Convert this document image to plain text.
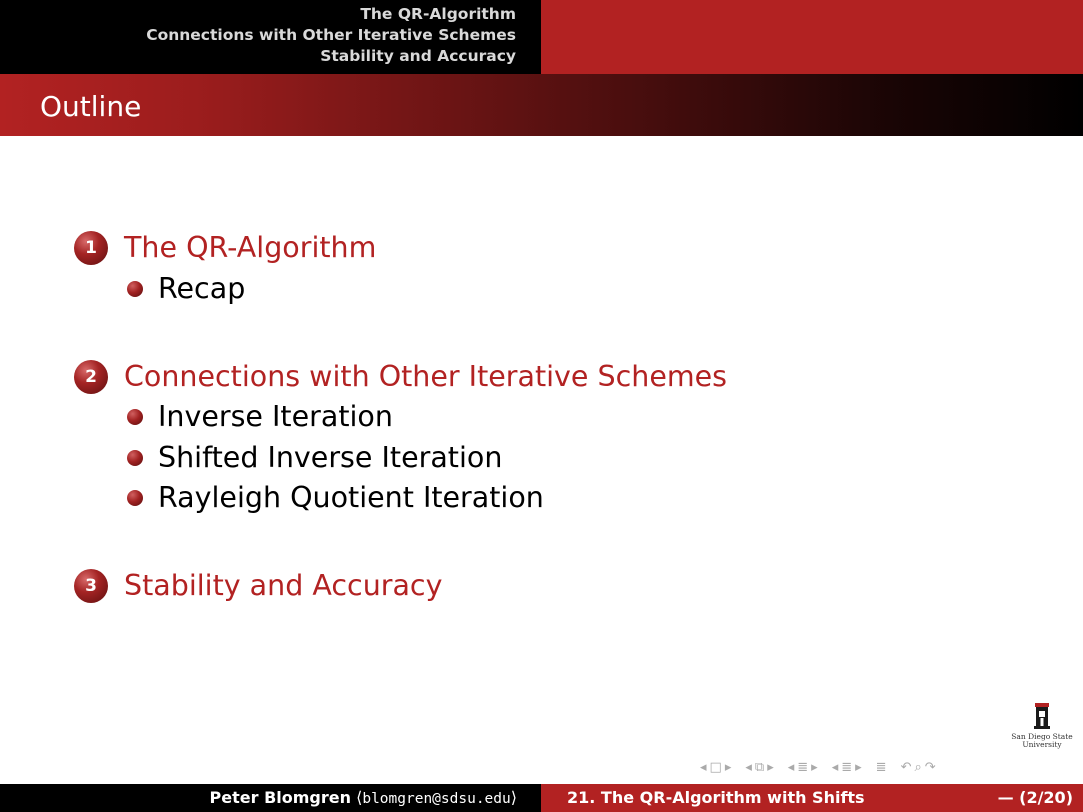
The QR-Algorithm
Connections with Other Iterative Schemes
Stability and Accuracy
Outline
1 The QR-Algorithm
Recap
2 Connections with Other Iterative Schemes
Inverse Iteration
Shifted Inverse Iteration
Rayleigh Quotient Iteration
3 Stability and Accuracy
San Diego State
University
◂ □ ▸ ◂ ⧉ ▸ ◂ ≣ ▸ ◂ ≣ ▸ ≣ ↶ ⌕ ↷
Peter Blomgren ⟨blomgren@sdsu.edu⟩	21. The QR-Algorithm with Shifts	— (2/20)
